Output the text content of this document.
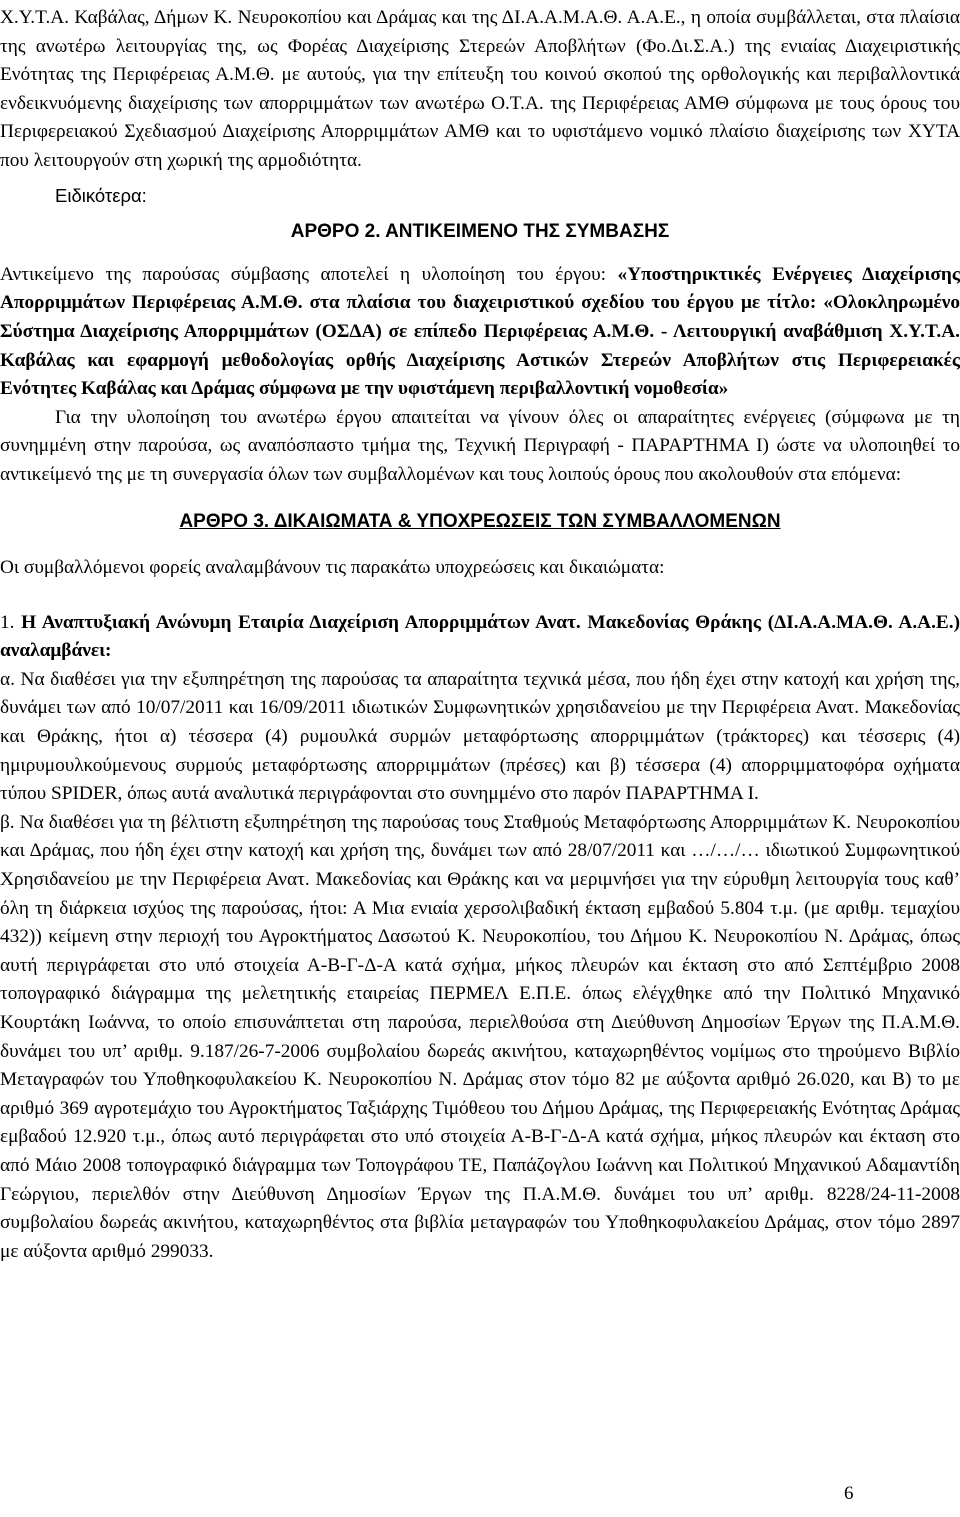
Χ.Υ.Τ.Α. Καβάλας, Δήμων Κ. Νευροκοπίου και Δράμας και της ΔΙ.Α.Α.Μ.Α.Θ. Α.Α.Ε., η οποία συμβάλλεται, στα πλαίσια της ανωτέρω λειτουργίας της, ως Φορέας Διαχείρισης Στερεών Αποβλήτων (Φο.Δι.Σ.Α.) της ενιαίας Διαχειριστικής Ενότητας της Περιφέρειας Α.Μ.Θ. με αυτούς, για την επίτευξη του κοινού σκοπού της ορθολογικής και περιβαλλοντικά ενδεικνυόμενης διαχείρισης των απορριμμάτων των ανωτέρω Ο.Τ.Α. της Περιφέρειας ΑΜΘ σύμφωνα με τους όρους του Περιφερειακού Σχεδιασμού Διαχείρισης Απορριμμάτων ΑΜΘ και το υφιστάμενο νομικό πλαίσιο διαχείρισης των ΧΥΤΑ που λειτουργούν στη χωρική της αρμοδιότητα.

Ειδικότερα:

ΑΡΘΡΟ 2. ΑΝΤΙΚΕΙΜΕΝΟ ΤΗΣ ΣΥΜΒΑΣΗΣ

Αντικείμενο της παρούσας σύμβασης αποτελεί η υλοποίηση του έργου: «Υποστηρικτικές Ενέργειες Διαχείρισης Απορριμμάτων Περιφέρειας Α.Μ.Θ. στα πλαίσια του διαχειριστικού σχεδίου του έργου με τίτλο: «Ολοκληρωμένο Σύστημα Διαχείρισης Απορριμμάτων (ΟΣΔΑ) σε επίπεδο Περιφέρειας Α.Μ.Θ. - Λειτουργική αναβάθμιση Χ.Υ.Τ.Α. Καβάλας και εφαρμογή μεθοδολογίας ορθής Διαχείρισης Αστικών Στερεών Αποβλήτων στις Περιφερειακές Ενότητες Καβάλας και Δράμας σύμφωνα με την υφιστάμενη περιβαλλοντική νομοθεσία»

Για την υλοποίηση του ανωτέρω έργου απαιτείται να γίνουν όλες οι απαραίτητες ενέργειες (σύμφωνα με τη συνημμένη στην παρούσα, ως αναπόσπαστο τμήμα της, Τεχνική Περιγραφή - ΠΑΡΑΡΤΗΜΑ Ι) ώστε να υλοποιηθεί το αντικείμενό της με τη συνεργασία όλων των συμβαλλομένων και τους λοιπούς όρους που ακολουθούν στα επόμενα:

ΑΡΘΡΟ 3. ΔΙΚΑΙΩΜΑΤΑ & ΥΠΟΧΡΕΩΣΕΙΣ ΤΩΝ ΣΥΜΒΑΛΛΟΜΕΝΩΝ

Οι συμβαλλόμενοι φορείς αναλαμβάνουν τις παρακάτω υποχρεώσεις και δικαιώματα:

1. Η Αναπτυξιακή Ανώνυμη Εταιρία Διαχείριση Απορριμμάτων Ανατ. Μακεδονίας Θράκης (ΔΙ.Α.Α.ΜΑ.Θ. Α.Α.Ε.) αναλαμβάνει:

α. Να διαθέσει για την εξυπηρέτηση της παρούσας τα απαραίτητα τεχνικά μέσα, που ήδη έχει στην κατοχή και χρήση της, δυνάμει των από 10/07/2011 και 16/09/2011 ιδιωτικών Συμφωνητικών χρησιδανείου με την Περιφέρεια Ανατ. Μακεδονίας και Θράκης, ήτοι α) τέσσερα (4) ρυμουλκά συρμών μεταφόρτωσης απορριμμάτων (τράκτορες) και τέσσερις (4) ημιρυμουλκούμενους συρμούς μεταφόρτωσης απορριμμάτων (πρέσες) και β) τέσσερα (4) απορριμματοφόρα οχήματα τύπου SPIDER, όπως αυτά αναλυτικά περιγράφονται στο συνημμένο στο παρόν ΠΑΡΑΡΤΗΜΑ Ι.

β. Να διαθέσει για τη βέλτιστη εξυπηρέτηση της παρούσας τους Σταθμούς Μεταφόρτωσης Απορριμμάτων Κ. Νευροκοπίου και Δράμας, που ήδη έχει στην κατοχή και χρήση της, δυνάμει των από 28/07/2011 και …/…/… ιδιωτικού Συμφωνητικού Χρησιδανείου με την Περιφέρεια Ανατ. Μακεδονίας και Θράκης και να μεριμνήσει για την εύρυθμη λειτουργία τους καθ’ όλη τη διάρκεια ισχύος της παρούσας, ήτοι: Α Μια ενιαία χερσολιβαδική έκταση εμβαδού 5.804 τ.μ. (με αριθμ. τεμαχίου 432)) κείμενη στην περιοχή του Αγροκτήματος Δασωτού Κ. Νευροκοπίου, του Δήμου Κ. Νευροκοπίου Ν. Δράμας, όπως αυτή περιγράφεται στο υπό στοιχεία Α-Β-Γ-Δ-Α κατά σχήμα, μήκος πλευρών και έκταση στο από Σεπτέμβριο 2008 τοπογραφικό διάγραμμα της μελετητικής εταιρείας ΠΕΡΜΕΛ Ε.Π.Ε. όπως ελέγχθηκε από την Πολιτικό Μηχανικό Κουρτάκη Ιωάννα, το οποίο επισυνάπτεται στη παρούσα, περιελθούσα στη Διεύθυνση Δημοσίων Έργων της Π.Α.Μ.Θ. δυνάμει του υπ’ αριθμ. 9.187/26-7-2006 συμβολαίου δωρεάς ακινήτου, καταχωρηθέντος νομίμως στο τηρούμενο Βιβλίο Μεταγραφών του Υποθηκοφυλακείου Κ. Νευροκοπίου Ν. Δράμας στον τόμο 82 με αύξοντα αριθμό 26.020, και Β) το με αριθμό 369 αγροτεμάχιο του Αγροκτήματος Ταξιάρχης Τιμόθεου του Δήμου Δράμας, της Περιφερειακής Ενότητας Δράμας εμβαδού 12.920 τ.μ., όπως αυτό περιγράφεται στο υπό στοιχεία Α-Β-Γ-Δ-Α κατά σχήμα, μήκος πλευρών και έκταση στο από Μάιο 2008 τοπογραφικό διάγραμμα των Τοπογράφου ΤΕ, Παπάζογλου Ιωάννη και Πολιτικού Μηχανικού Αδαμαντίδη Γεώργιου, περιελθόν στην Διεύθυνση Δημοσίων Έργων της Π.Α.Μ.Θ. δυνάμει του υπ’ αριθμ. 8228/24-11-2008 συμβολαίου δωρεάς ακινήτου, καταχωρηθέντος στα βιβλία μεταγραφών του Υποθηκοφυλακείου Δράμας, στον τόμο 2897 με αύξοντα αριθμό 299033.

6
